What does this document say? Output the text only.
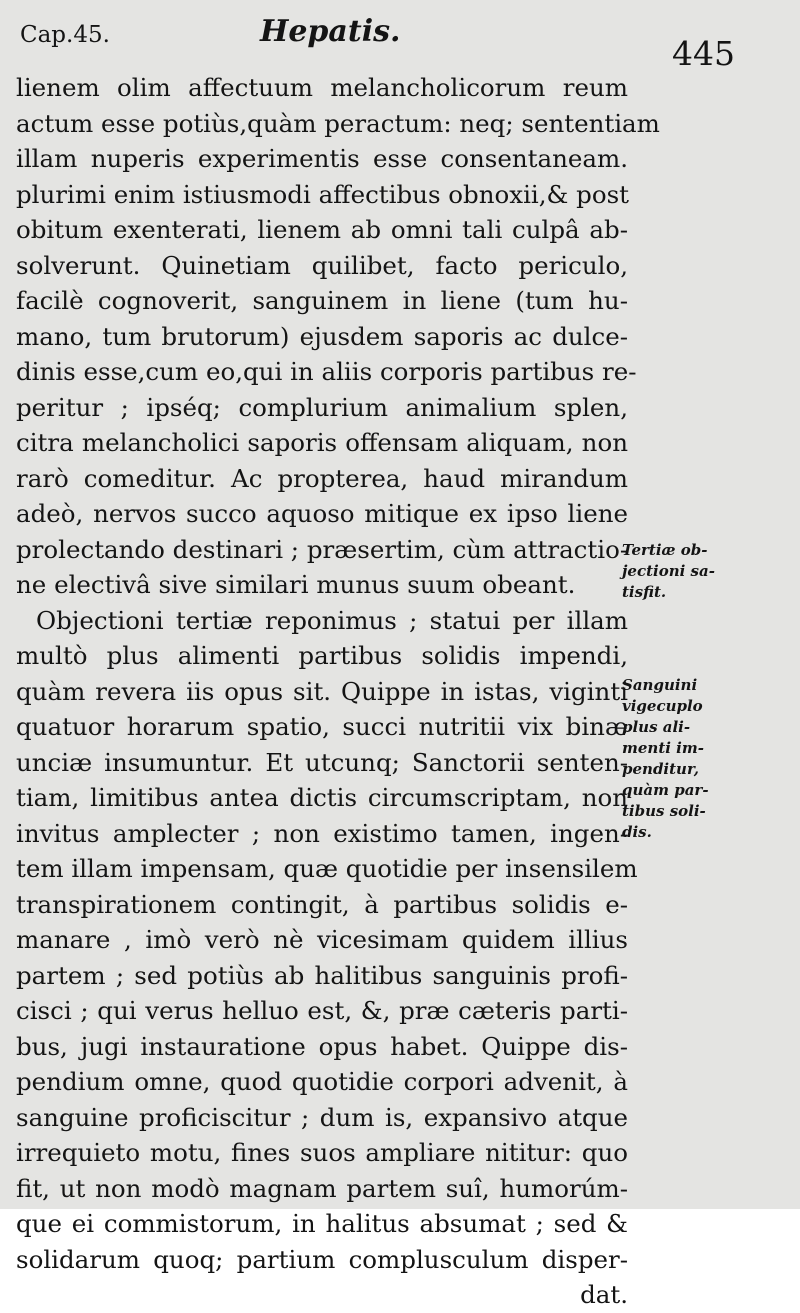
Cap.45.	Hepatis.
445
lienem olim affectuum melancholicorum reum
actum esse potiùs,quàm peractum: neq; sententiam
illam nuperis experimentis esse consentaneam.
plurimi enim istiusmodi affectibus obnoxii,& post
obitum exenterati, lienem ab omni tali culpâ ab-
solverunt. Quinetiam quilibet, facto periculo,
facilè cognoverit, sanguinem in liene (tum hu-
mano, tum brutorum) ejusdem saporis ac dulce-
dinis esse,cum eo,qui in aliis corporis partibus re-
peritur ; ipséq; complurium animalium splen,
citra melancholici saporis offensam aliquam, non
rarò comeditur. Ac propterea, haud mirandum
adeò, nervos succo aquoso mitique ex ipso liene
prolectando destinari ; præsertim, cùm attractio-
ne electivâ sive similari munus suum obeant.
Objectioni tertiæ reponimus ; statui per illam
multò plus alimenti partibus solidis impendi,
quàm revera iis opus sit. Quippe in istas, viginti
quatuor horarum spatio, succi nutritii vix binæ
unciæ insumuntur. Et utcunq; Sanctorii senten-
tiam, limitibus antea dictis circumscriptam, non
invitus amplecter ; non existimo tamen, ingen-
tem illam impensam, quæ quotidie per insensilem
transpirationem contingit, à partibus solidis e-
manare , imò verò nè vicesimam quidem illius
partem ; sed potiùs ab halitibus sanguinis profi-
cisci ; qui verus helluo est, &, præ cæteris parti-
bus, jugi instauratione opus habet. Quippe dis-
pendium omne, quod quotidie corpori advenit, à
sanguine proficiscitur ; dum is, expansivo atque
irrequieto motu, fines suos ampliare nititur: quo
fit, ut non modò magnam partem suî, humorúm-
que ei commistorum, in halitus absumat ; sed &
solidarum quoq; partium complusculum disper-
dat.
Tertiæ ob-
jectioni sa-
tisfit.
Sanguini
vigecuplo
plus ali-
menti im-
penditur,
quàm par-
tibus soli-
dis.
